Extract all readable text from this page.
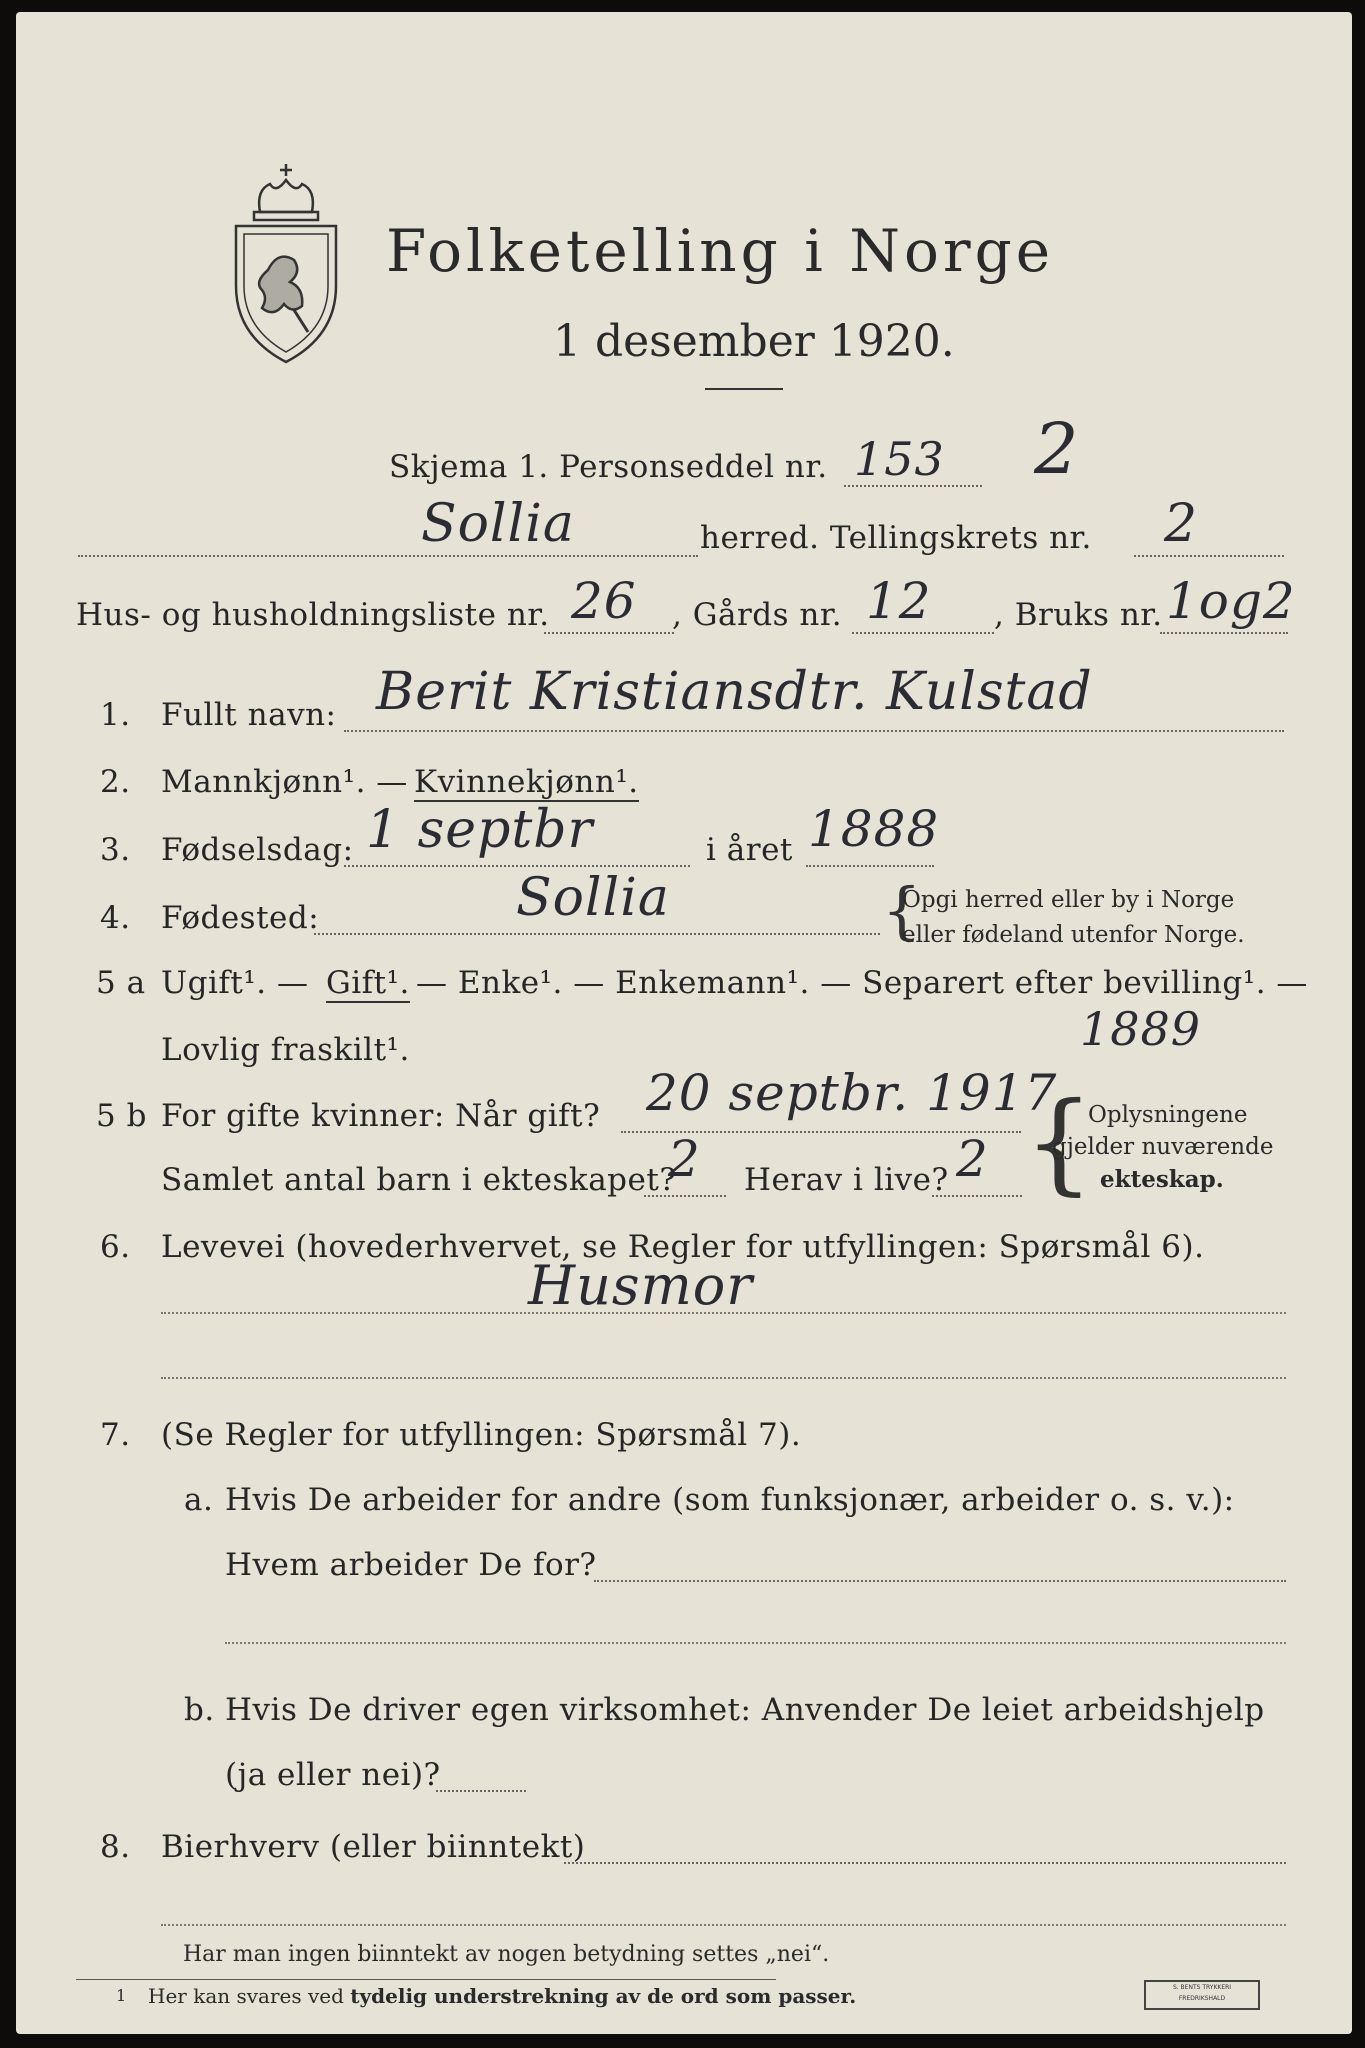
Folketelling i Norge
1 desember 1920.
Skjema 1. Personseddel nr. 153 2
Sollia	herred. Tellingskrets nr. 2
Hus- og husholdningsliste nr. 26 , Gårds nr. 12 , Bruks nr. 1og2
1. Fullt navn: Berit Kristiansdtr. Kulstad
2. Mannkjønn¹. — Kvinnekjønn¹.
3. Fødselsdag: 1 septbr	i året 1888
4. Fødested:	Sollia	{
Opgi herred eller by i Norge
eller fødeland utenfor Norge.
5 a Ugift¹. — Gift¹. — Enke¹. — Enkemann¹. — Separert efter bevilling¹. —
Lovlig fraskilt¹.	1889
5 b For gifte kvinner: Når gift? 20 septbr. 1917
Samlet antal barn i ekteskapet?
2 Herav i live? 2 {
Oplysningene
gjelder nuværende
ekteskap.
6. Levevei (hovederhvervet, se Regler for utfyllingen: Spørsmål 6).
Husmor
7. (Se Regler for utfyllingen: Spørsmål 7).
a. Hvis De arbeider for andre (som funksjonær, arbeider o. s. v.):
Hvem arbeider De for?
b. Hvis De driver egen virksomhet: Anvender De leiet arbeidshjelp
(ja eller nei)?
8. Bierhverv (eller biinntekt)
Har man ingen biinntekt av nogen betydning settes „nei“.
1 Her kan svares ved tydelig understrekning av de ord som passer.	S. BENTS TRYKKERI
FREDRIKSHALD
